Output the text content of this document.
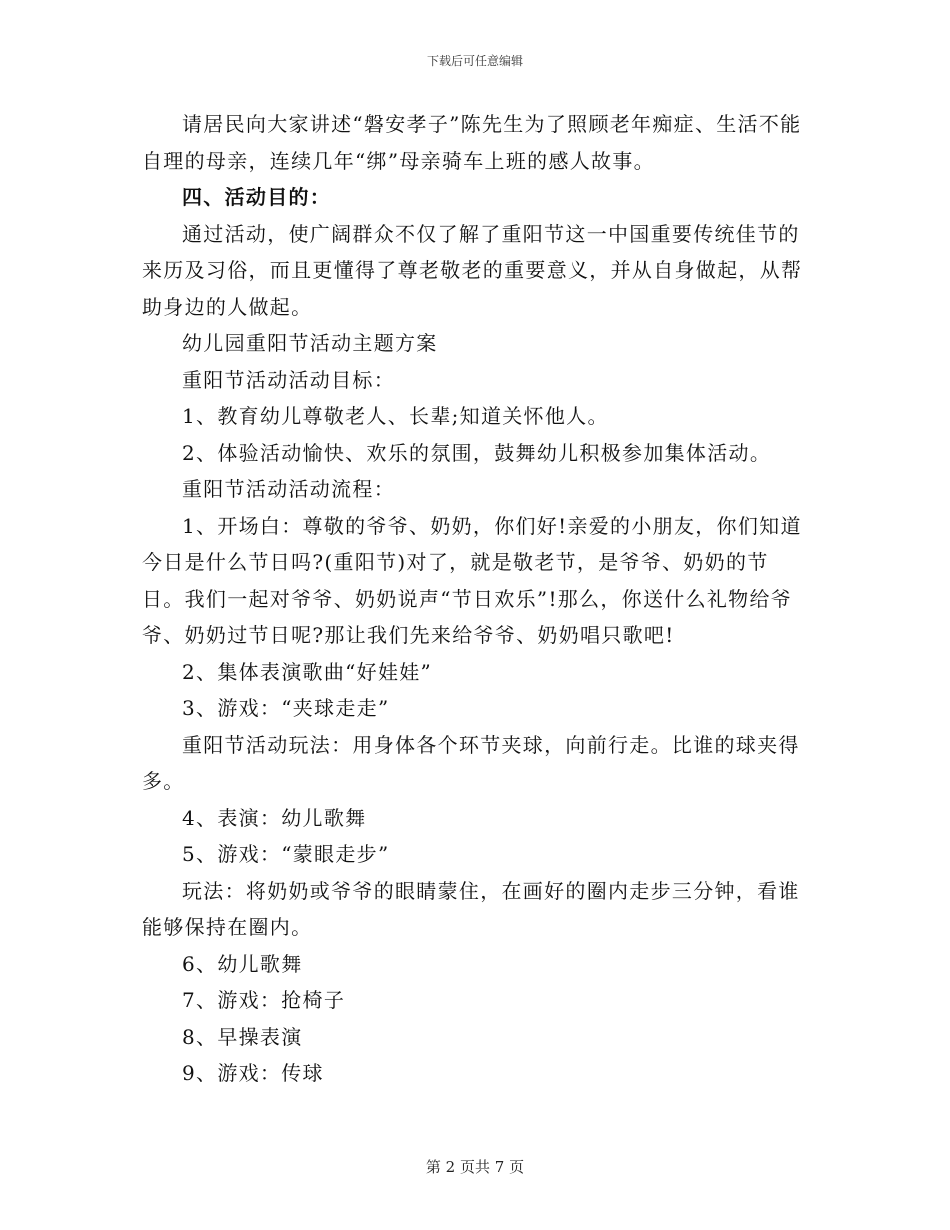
下载后可任意编辑

请居民向大家讲述“磐安孝子”陈先生为了照顾老年痴症、生活不能自理的母亲，连续几年“绑”母亲骑车上班的感人故事。

四、活动目的：

通过活动，使广阔群众不仅了解了重阳节这一中国重要传统佳节的来历及习俗，而且更懂得了尊老敬老的重要意义，并从自身做起，从帮助身边的人做起。

幼儿园重阳节活动主题方案

重阳节活动活动目标：

1、教育幼儿尊敬老人、长辈;知道关怀他人。

2、体验活动愉快、欢乐的氛围，鼓舞幼儿积极参加集体活动。

重阳节活动活动流程：

1、开场白：尊敬的爷爷、奶奶，你们好!亲爱的小朋友，你们知道今日是什么节日吗?(重阳节)对了，就是敬老节，是爷爷、奶奶的节日。我们一起对爷爷、奶奶说声“节日欢乐”!那么，你送什么礼物给爷爷、奶奶过节日呢?那让我们先来给爷爷、奶奶唱只歌吧!

2、集体表演歌曲“好娃娃”

3、游戏：“夹球走走”

重阳节活动玩法：用身体各个环节夹球，向前行走。比谁的球夹得多。

4、表演：幼儿歌舞

5、游戏：“蒙眼走步”

玩法：将奶奶或爷爷的眼睛蒙住，在画好的圈内走步三分钟，看谁能够保持在圈内。

6、幼儿歌舞

7、游戏：抢椅子

8、早操表演

9、游戏：传球

第 2 页共 7 页
